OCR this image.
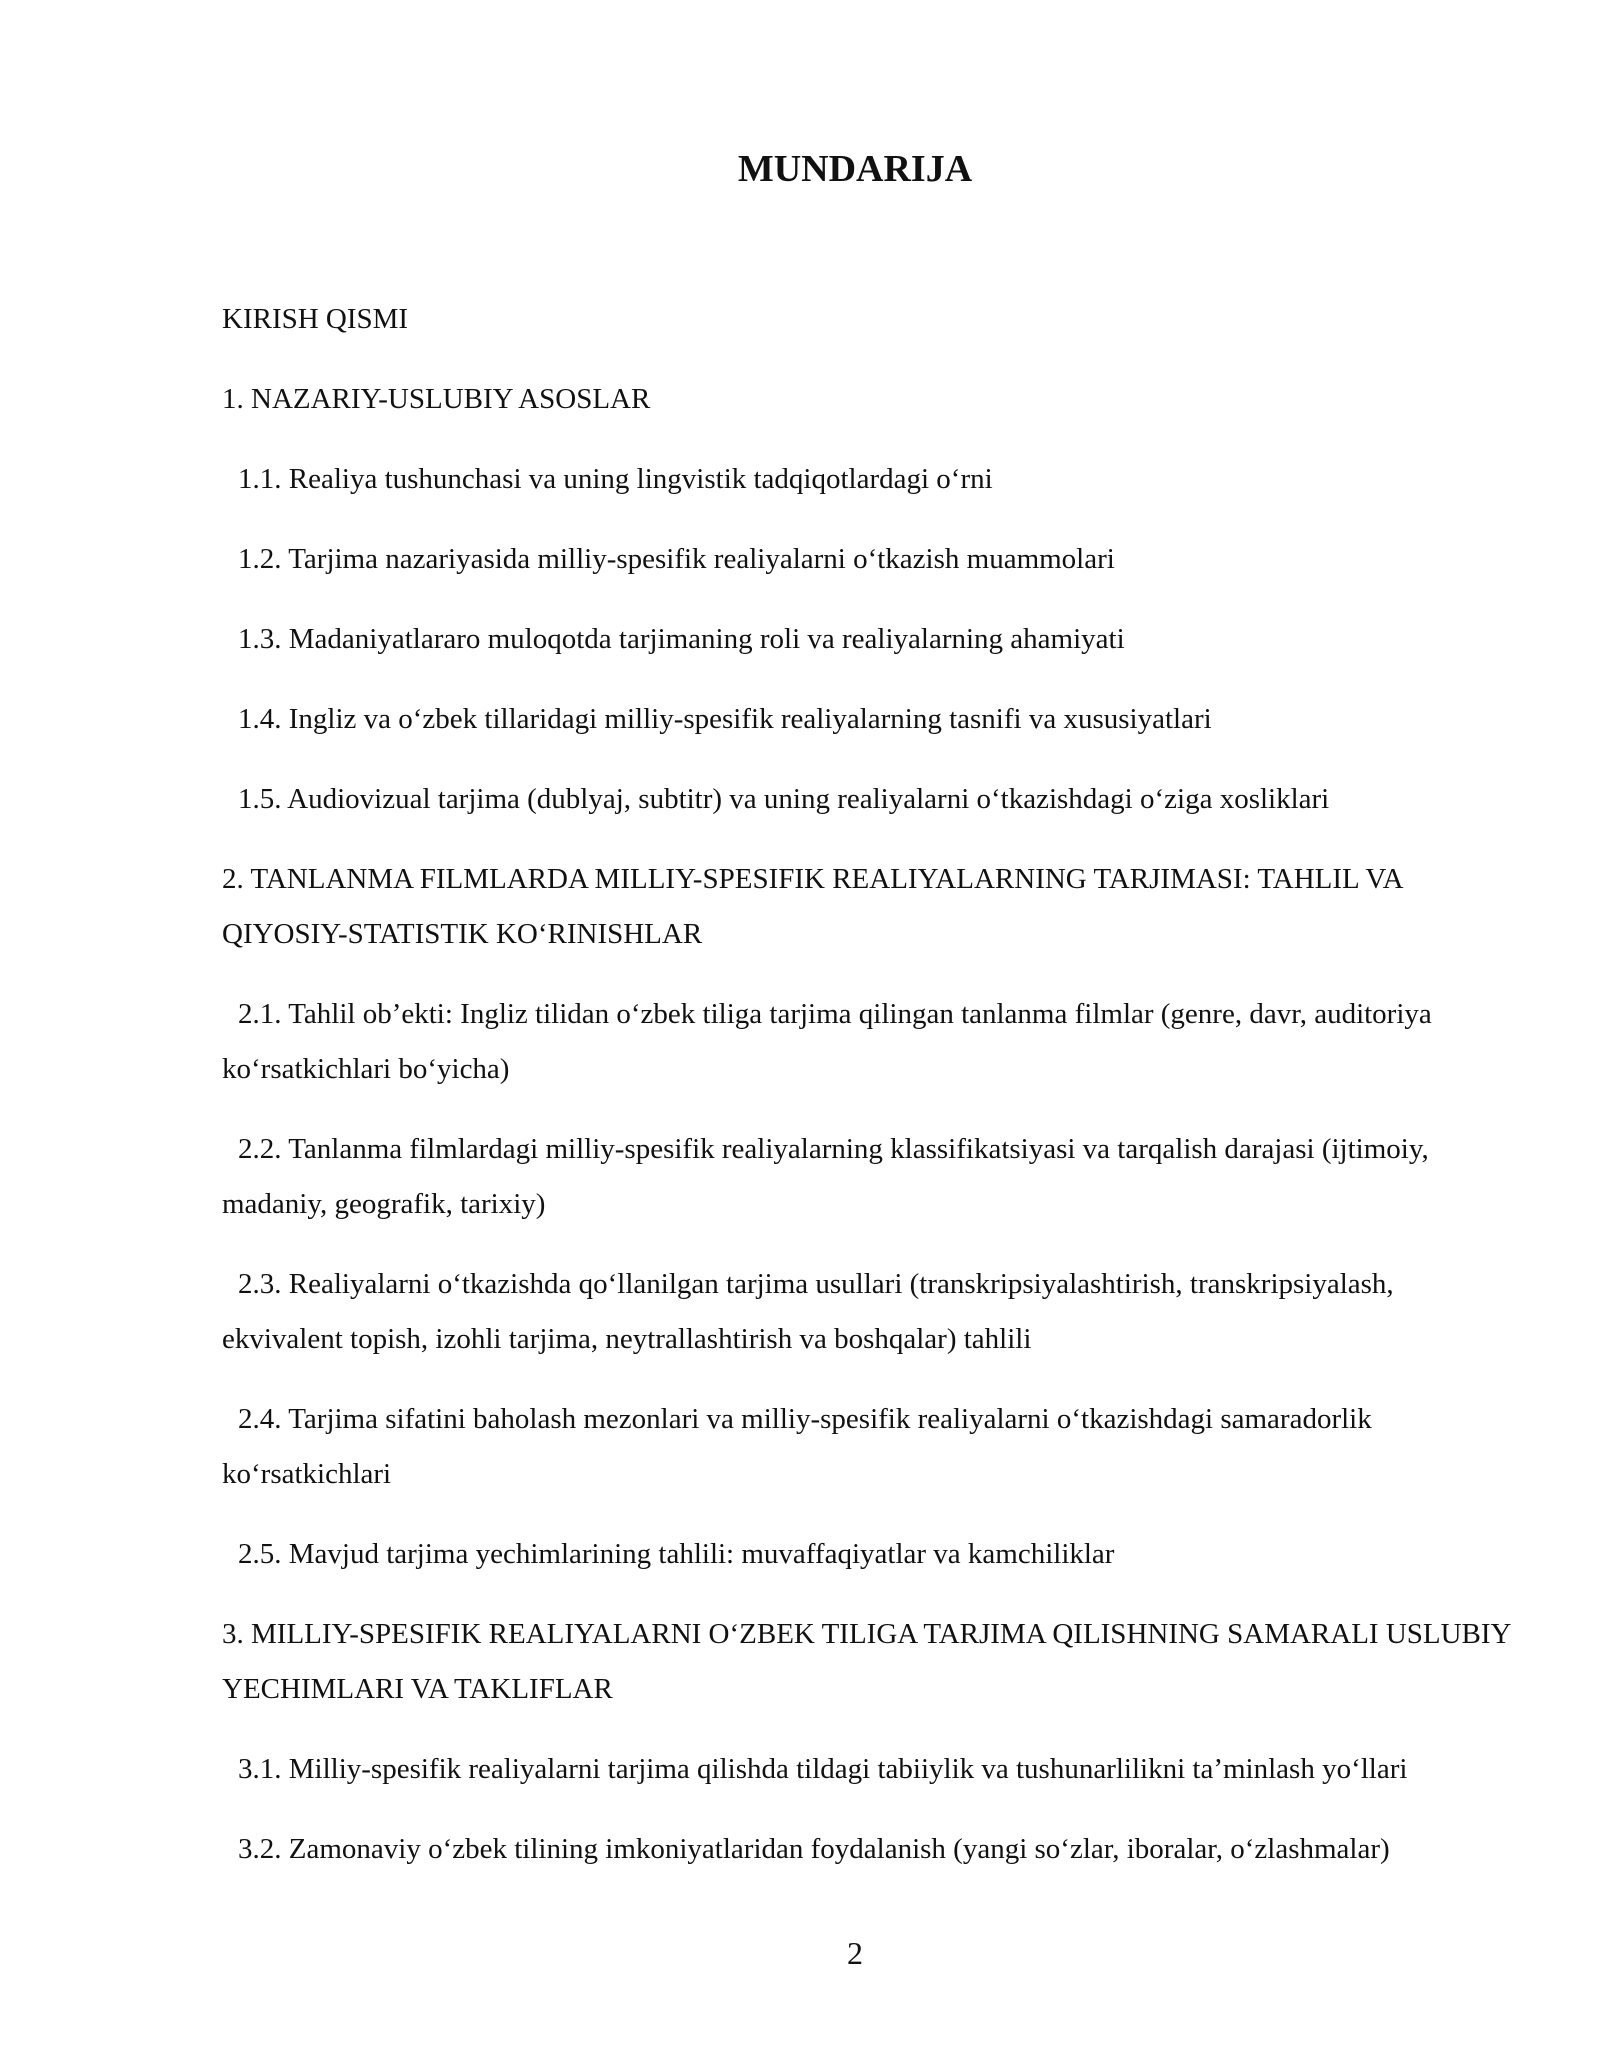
MUNDARIJA
KIRISH QISMI
1. NAZARIY-USLUBIY ASOSLAR
1.1. Realiya tushunchasi va uning lingvistik tadqiqotlardagi o‘rni
1.2. Tarjima nazariyasida milliy-spesifik realiyalarni o‘tkazish muammolari
1.3. Madaniyatlararo muloqotda tarjimaning roli va realiyalarning ahamiyati
1.4. Ingliz va o‘zbek tillaridagi milliy-spesifik realiyalarning tasnifi va xususiyatlari
1.5. Audiovizual tarjima (dublyaj, subtitr) va uning realiyalarni o‘tkazishdagi o‘ziga xosliklari
2. TANLANMA FILMLARDA MILLIY-SPESIFIK REALIYALARNING TARJIMASI: TAHLIL VA QIYOSIY-STATISTIK KO‘RINISHLAR
2.1. Tahlil ob’ekti: Ingliz tilidan o‘zbek tiliga tarjima qilingan tanlanma filmlar (genre, davr, auditoriya ko‘rsatkichlari bo‘yicha)
2.2. Tanlanma filmlardagi milliy-spesifik realiyalarning klassifikatsiyasi va tarqalish darajasi (ijtimoiy, madaniy, geografik, tarixiy)
2.3. Realiyalarni o‘tkazishda qo‘llanilgan tarjima usullari (transkripsiyalashtirish, transkripsiyalash, ekvivalent topish, izohli tarjima, neytrallashtirish va boshqalar) tahlili
2.4. Tarjima sifatini baholash mezonlari va milliy-spesifik realiyalarni o‘tkazishdagi samaradorlik ko‘rsatkichlari
2.5. Mavjud tarjima yechimlarining tahlili: muvaffaqiyatlar va kamchiliklar
3. MILLIY-SPESIFIK REALIYALARNI O‘ZBEK TILIGA TARJIMA QILISHNING SAMARALI USLUBIY YECHIMLARI VA TAKLIFLAR
3.1. Milliy-spesifik realiyalarni tarjima qilishda tildagi tabiiylik va tushunarlilikni ta’minlash yo‘llari
3.2. Zamonaviy o‘zbek tilining imkoniyatlaridan foydalanish (yangi so‘zlar, iboralar, o‘zlashmalar)
2
